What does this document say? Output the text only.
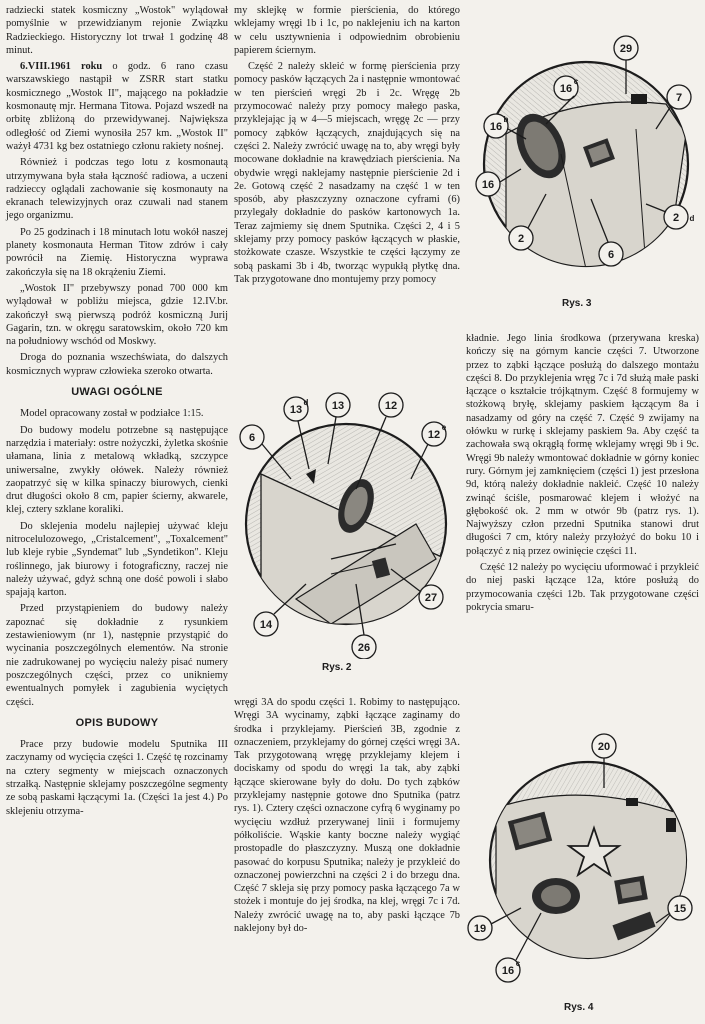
radziecki statek kosmiczny „Wostok" wylądował pomyślnie w przewidzianym rejonie Związku Radzieckiego. Historyczny lot trwał 1 godzinę 48 minut.

6.VIII.1961 roku o godz. 6 rano czasu warszawskiego nastąpił w ZSRR start statku kosmicznego „Wostok II", mającego na pokładzie kosmonautę mjr. Hermana Titowa. Pojazd wszedł na orbitę zbliżoną do przewidywanej. Największa odległość od Ziemi wynosiła 257 km. „Wostok II" ważył 4731 kg bez ostatniego członu rakiety nośnej.

Również i podczas tego lotu z kosmonautą utrzymywana była stała łączność radiowa, a uczeni radzieccy oglądali zachowanie się kosmonauty na ekranach telewizyjnych oraz czuwali nad stanem jego organizmu.

Po 25 godzinach i 18 minutach lotu wokół naszej planety kosmonauta Herman Titow zdrów i cały powrócił na Ziemię. Historyczna wyprawa zakończyła się na 18 okrążeniu Ziemi.

„Wostok II" przebywszy ponad 700 000 km wylądował w pobliżu miejsca, gdzie 12.IV.br. zakończył swą pierwszą podróż kosmiczną Jurij Gagarin, tzn. w okręgu saratowskim, około 720 km na południowy wschód od Moskwy.

Droga do poznania wszechświata, do dalszych kosmicznych wypraw człowieka szeroko otwarta.

UWAGI OGÓLNE

Model opracowany został w podziałce 1:15.

Do budowy modelu potrzebne są następujące narzędzia i materiały: ostre nożyczki, żyletka skośnie ułamana, linia z metalową wkładką, szczypce uniwersalne, zwykły ołówek. Należy również zaopatrzyć się w kilka spinaczy biurowych, cienki drut długości około 8 cm, papier ścierny, akwarele, klej, cztery szklane koraliki.

Do sklejenia modelu najlepiej używać kleju nitrocelulozowego, „Cristalcement", „Toxalcement" lub kleje rybie „Syndemat" lub „Syndetikon". Kleju roślinnego, jak biurowy i fotograficzny, raczej nie należy używać, gdyż schną one dość powoli i słabo spajają karton.

Przed przystąpieniem do budowy należy zapoznać się dokładnie z rysunkiem zestawieniowym (nr 1), następnie przystąpić do wycinania poszczególnych elementów. Na stronie nie zadrukowanej po wycięciu należy pisać numery poszczególnych części, przez co unikniemy ewentualnych pomyłek i zagubienia wyciętych części.

OPIS BUDOWY

Prace przy budowie modelu Sputnika III zaczynamy od wycięcia części 1. Część tę rozcinamy na cztery segmenty w miejscach oznaczonych strzałką. Następnie sklejamy poszczególne segmenty ze sobą paskami łączącymi 1a. (Części 1a jest 4.) Po sklejeniu otrzyma-

my sklejkę w formie pierścienia, do którego wklejamy wręgi 1b i 1c, po naklejeniu ich na karton w celu usztywnienia i odpowiednim obrobieniu papierem ściernym.

Część 2 należy skleić w formę pierścienia przy pomocy pasków łączących 2a i następnie wmontować w ten pierścień wręgi 2b i 2c. Wręgę 2b przymocować należy przy pomocy małego paska, przyklejając ją w 4—5 miejscach, wręgę 2c — przy pomocy ząbków łączących, znajdujących się na części 2. Należy zwrócić uwagę na to, aby wręgi były mocowane dokładnie na krawędziach pierścienia. Na obydwie wręgi naklejamy następnie pierścienie 2d i 2e. Gotową część 2 nasadzamy na część 1 w ten sposób, aby płaszczyzny oznaczone cyframi (6) przylegały dokładnie do pasków kartonowych 1a. Teraz zajmiemy się dnem Sputnika. Części 2, 4 i 5 sklejamy przy pomocy pasków łączących w płaskie, stożkowate czasze. Wszystkie te części łączymy ze sobą paskami 3b i 4b, tworząc wypukłą płytkę dna. Tak przygotowane dno montujemy przy pomocy

wręgi 3A do spodu części 1. Robimy to następująco. Wręgi 3A wycinamy, ząbki łączące zaginamy do środka i przyklejamy. Pierścień 3B, zgodnie z oznaczeniem, przyklejamy do górnej części wręgi 3A. Tak przygotowaną wręgę przyklejamy klejem i dociskamy od spodu do wręgi 1a tak, aby ząbki łączące skierowane były do dołu. Do tych ząbków przyklejamy następnie gotowe dno Sputnika (patrz rys. 1). Cztery części oznaczone cyfrą 6 wyginamy po wycięciu wzdłuż przerywanej linii i formujemy półkoliście. Wąskie kanty boczne należy wygiąć prostopadle do płaszczyzny. Muszą one dokładnie pasować do korpusu Sputnika; należy je przykleić do oznaczonej powierzchni na części 2 i do brzegu dna. Część 7 skleja się przy pomocy paska łączącego 7a w stożek i montuje do jej środka, na klej, wręgi 7c i 7d. Należy zwrócić uwagę na to, aby paski łączące 7b naklejony był do-

kładnie. Jego linia środkowa (przerywana kreska) kończy się na górnym kancie części 7. Utworzone przez to ząbki łączące posłużą do dalszego montażu części 8. Do przyklejenia wręg 7c i 7d służą małe paski łączące o kształcie trójkątnym. Część 8 formujemy w stożkową bryłę, sklejamy paskiem łączącym 8a i nasadzamy od góry na część 7. Część 9 zwijamy na ołówku w rurkę i sklejamy paskiem 9a. Aby część ta zachowała swą okrągłą formę wklejamy wręgi 9b i 9c. Wręgi 9b należy wmontować dokładnie w górny koniec rury. Górnym jej zamknięciem (części 1) jest przesłona 9d, którą należy dokładnie nakleić. Część 10 należy zwinąć ściśle, posmarować klejem i włożyć na głębokość ok. 2 mm w otwór 9b (patrz rys. 1). Najwyższy człon przedni Sputnika stanowi drut długości 7 cm, który należy przyłożyć do boku 10 i połączyć z nią przez owinięcie części 11.

Część 12 należy po wycięciu uformować i przykleić do niej paski łączące 12a, które posłużą do przymocowania części 12b. Tak przygotowane części pokrycia smaru-

6
13
d 13	12
12
e
14
26
27
Rys. 2
16
c
29
7
16
b
16
2
6
2 d
Rys. 3
20
19
16
c
15
Rys. 4
